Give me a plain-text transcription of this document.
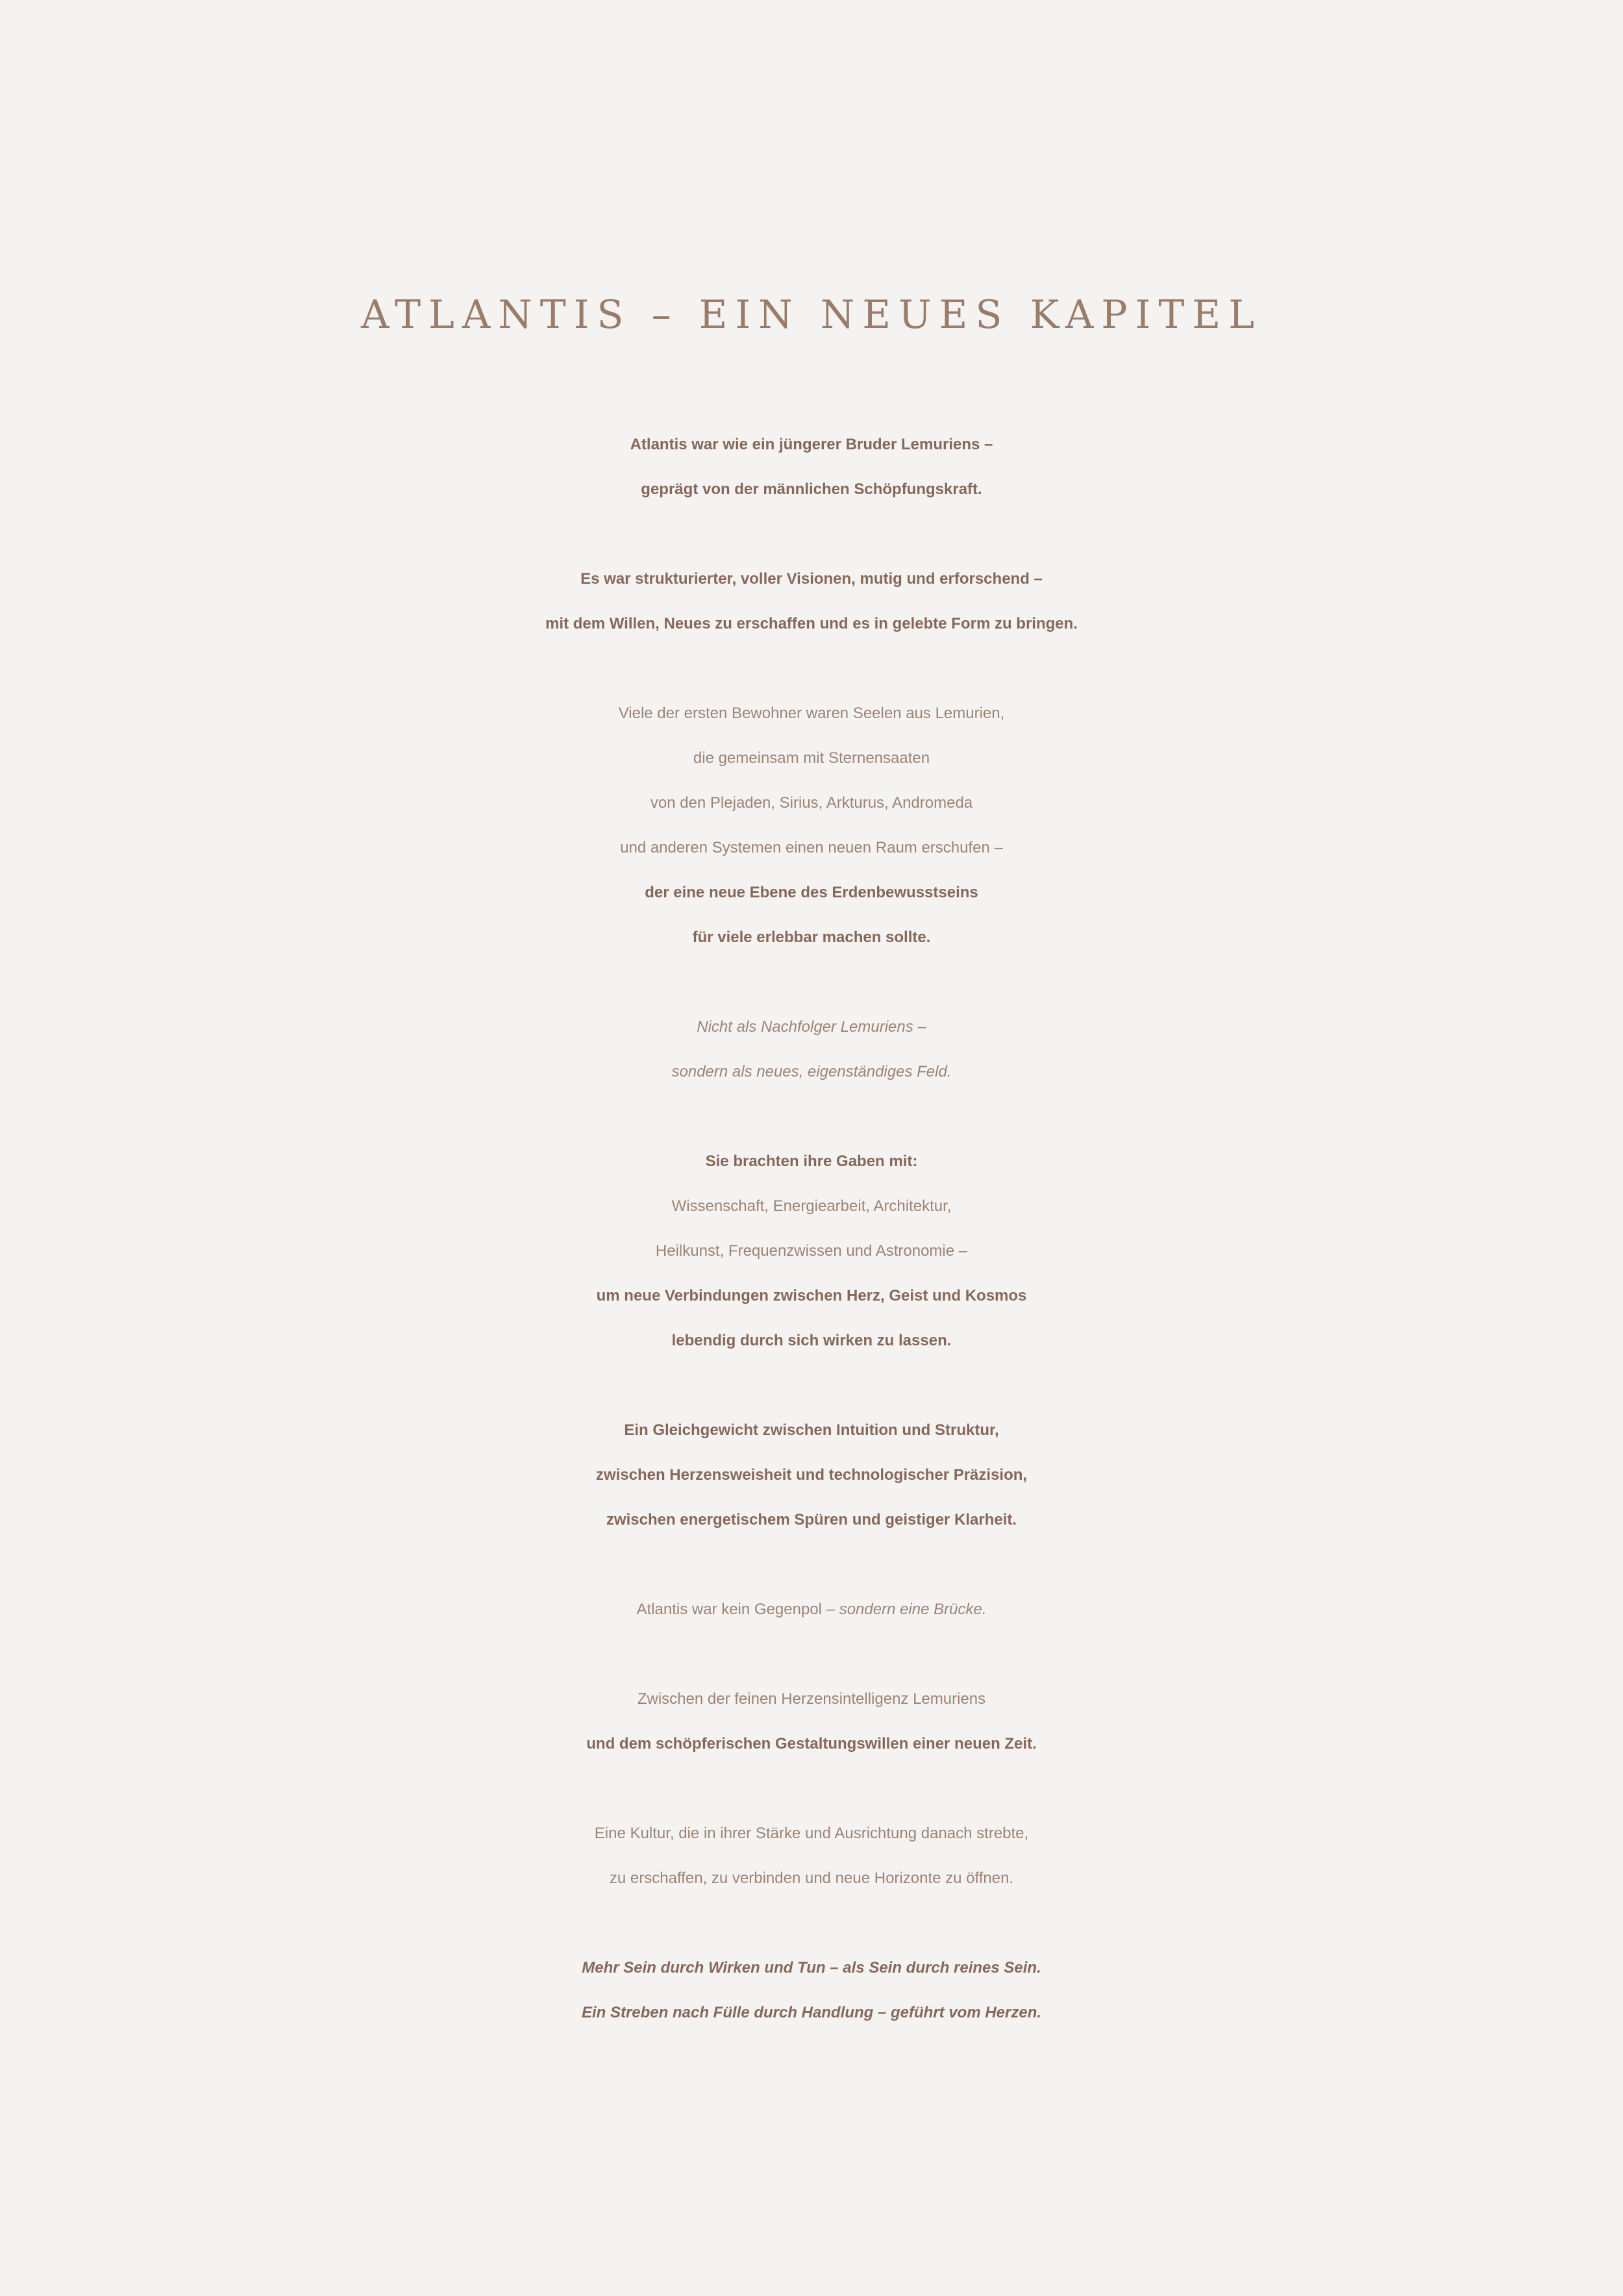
ATLANTIS – EIN NEUES KAPITEL
Atlantis war wie ein jüngerer Bruder Lemuriens –
geprägt von der männlichen Schöpfungskraft.
Es war strukturierter, voller Visionen, mutig und erforschend –
mit dem Willen, Neues zu erschaffen und es in gelebte Form zu bringen.
Viele der ersten Bewohner waren Seelen aus Lemurien,
die gemeinsam mit Sternensaaten
von den Plejaden, Sirius, Arkturus, Andromeda
und anderen Systemen einen neuen Raum erschufen –
der eine neue Ebene des Erdenbewusstseins
für viele erlebbar machen sollte.
Nicht als Nachfolger Lemuriens –
sondern als neues, eigenständiges Feld.
Sie brachten ihre Gaben mit:
Wissenschaft, Energiearbeit, Architektur,
Heilkunst, Frequenzwissen und Astronomie –
um neue Verbindungen zwischen Herz, Geist und Kosmos
lebendig durch sich wirken zu lassen.
Ein Gleichgewicht zwischen Intuition und Struktur,
zwischen Herzensweisheit und technologischer Präzision,
zwischen energetischem Spüren und geistiger Klarheit.
Atlantis war kein Gegenpol – sondern eine Brücke.
Zwischen der feinen Herzensintelligenz Lemuriens
und dem schöpferischen Gestaltungswillen einer neuen Zeit.
Eine Kultur, die in ihrer Stärke und Ausrichtung danach strebte,
zu erschaffen, zu verbinden und neue Horizonte zu öffnen.
Mehr Sein durch Wirken und Tun – als Sein durch reines Sein.
Ein Streben nach Fülle durch Handlung – geführt vom Herzen.
